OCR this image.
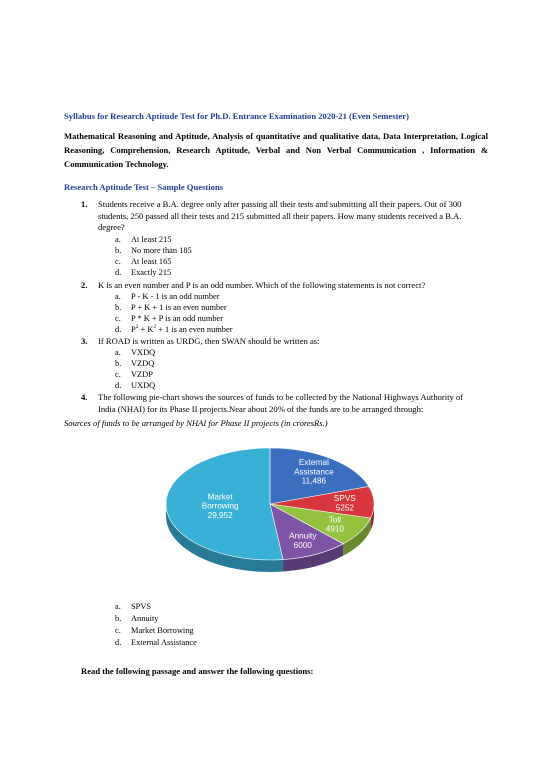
Syllabus for Research Aptitude Test for Ph.D. Entrance Examination 2020-21 (Even Semester)
Mathematical Reasoning and Aptitude, Analysis of quantitative and qualitative data, Data Interpretation, Logical Reasoning, Comprehension, Research Aptitude, Verbal and Non Verbal Communication , Information & Communication Technology.
Research Aptitude Test – Sample Questions
1. Students receive a B.A. degree only after passing all their tests and submitting all their papers. Out of 300
students, 250 passed all their tests and 215 submitted all their papers. How many students received a B.A.
degree?
a. At least 215
b. No more than 185
c. At least 165
d. Exactly 215
2. K is an even number and P is an odd number. Which of the following statements is not correct?
a. P - K - 1 is an odd number
b. P + K + 1 is an even number
c. P * K + P is an odd number
d. $P^2 + K^2 + 1$ is an even number
3. If ROAD is written as URDG, then SWAN should be written as:
a. VXDQ
b. VZDQ
c. VZDP
d. UXDQ
4. The following pie-chart shows the sources of funds to be collected by the National Highways Authority of
India (NHAI) for its Phase II projects.Near about 20% of the funds are to be arranged through:
Sources of funds to be arranged by NHAI for Phase II projects (in croresRs.)
External Assistance 11,486
SPVS 5252
Toll 4910
Annuity 6000
Market Borrowing 29,952
a. SPVS
b. Annuity
c. Market Borrowing
d. External Assistance
Read the following passage and answer the following questions:
